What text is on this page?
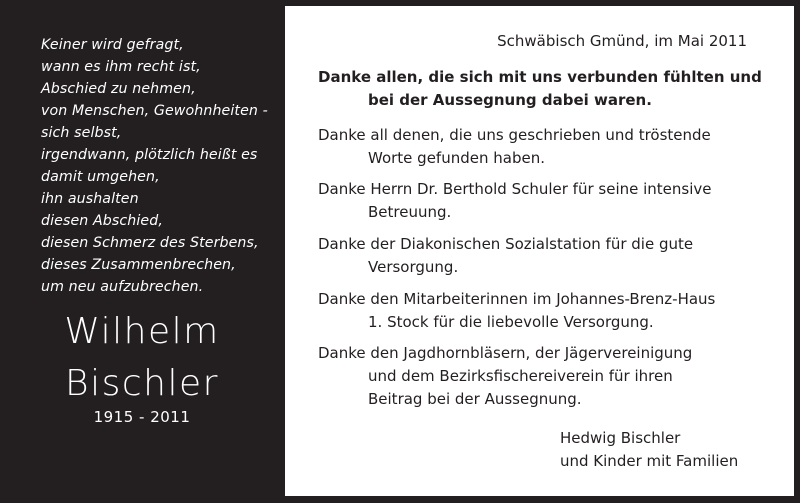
Keiner wird gefragt,
wann es ihm recht ist,
Abschied zu nehmen,
von Menschen, Gewohnheiten -
sich selbst,
irgendwann, plötzlich heißt es
damit umgehen,
ihn aushalten
diesen Abschied,
diesen Schmerz des Sterbens,
dieses Zusammenbrechen,
um neu aufzubrechen.
Wilhelm
Bischler
1915 - 2011
Schwäbisch Gmünd, im Mai 2011
Danke allen, die sich mit uns verbunden fühlten und
bei der Aussegnung dabei waren.
Danke all denen, die uns geschrieben und tröstende
Worte gefunden haben.
Danke Herrn Dr. Berthold Schuler für seine intensive
Betreuung.
Danke der Diakonischen Sozialstation für die gute
Versorgung.
Danke den Mitarbeiterinnen im Johannes-Brenz-Haus
1. Stock für die liebevolle Versorgung.
Danke den Jagdhornbläsern, der Jägervereinigung
und dem Bezirksfischereiverein für ihren
Beitrag bei der Aussegnung.
Hedwig Bischler
und Kinder mit Familien
